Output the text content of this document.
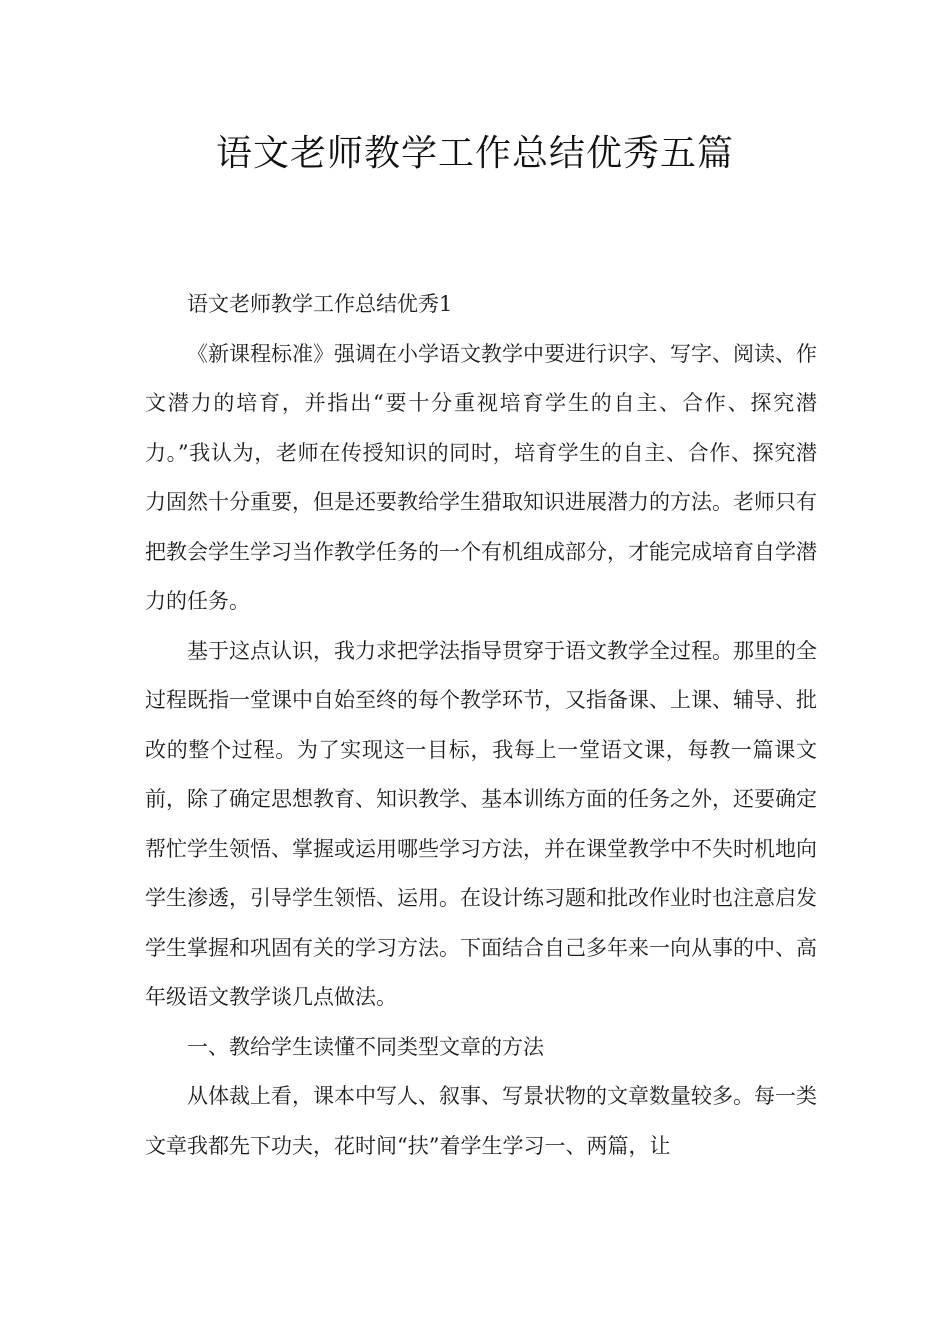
语文老师教学工作总结优秀五篇

语文老师教学工作总结优秀1

《新课程标准》强调在小学语文教学中要进行识字、写字、阅读、作文潜力的培育，并指出“要十分重视培育学生的自主、合作、探究潜力。”我认为，老师在传授知识的同时，培育学生的自主、合作、探究潜力固然十分重要，但是还要教给学生猎取知识进展潜力的方法。老师只有把教会学生学习当作教学任务的一个有机组成部分，才能完成培育自学潜力的任务。

基于这点认识，我力求把学法指导贯穿于语文教学全过程。那里的全过程既指一堂课中自始至终的每个教学环节，又指备课、上课、辅导、批改的整个过程。为了实现这一目标，我每上一堂语文课，每教一篇课文前，除了确定思想教育、知识教学、基本训练方面的任务之外，还要确定帮忙学生领悟、掌握或运用哪些学习方法，并在课堂教学中不失时机地向学生渗透，引导学生领悟、运用。在设计练习题和批改作业时也注意启发学生掌握和巩固有关的学习方法。下面结合自己多年来一向从事的中、高年级语文教学谈几点做法。

一、教给学生读懂不同类型文章的方法

从体裁上看，课本中写人、叙事、写景状物的文章数量较多。每一类文章我都先下功夫，花时间“扶”着学生学习一、两篇，让
